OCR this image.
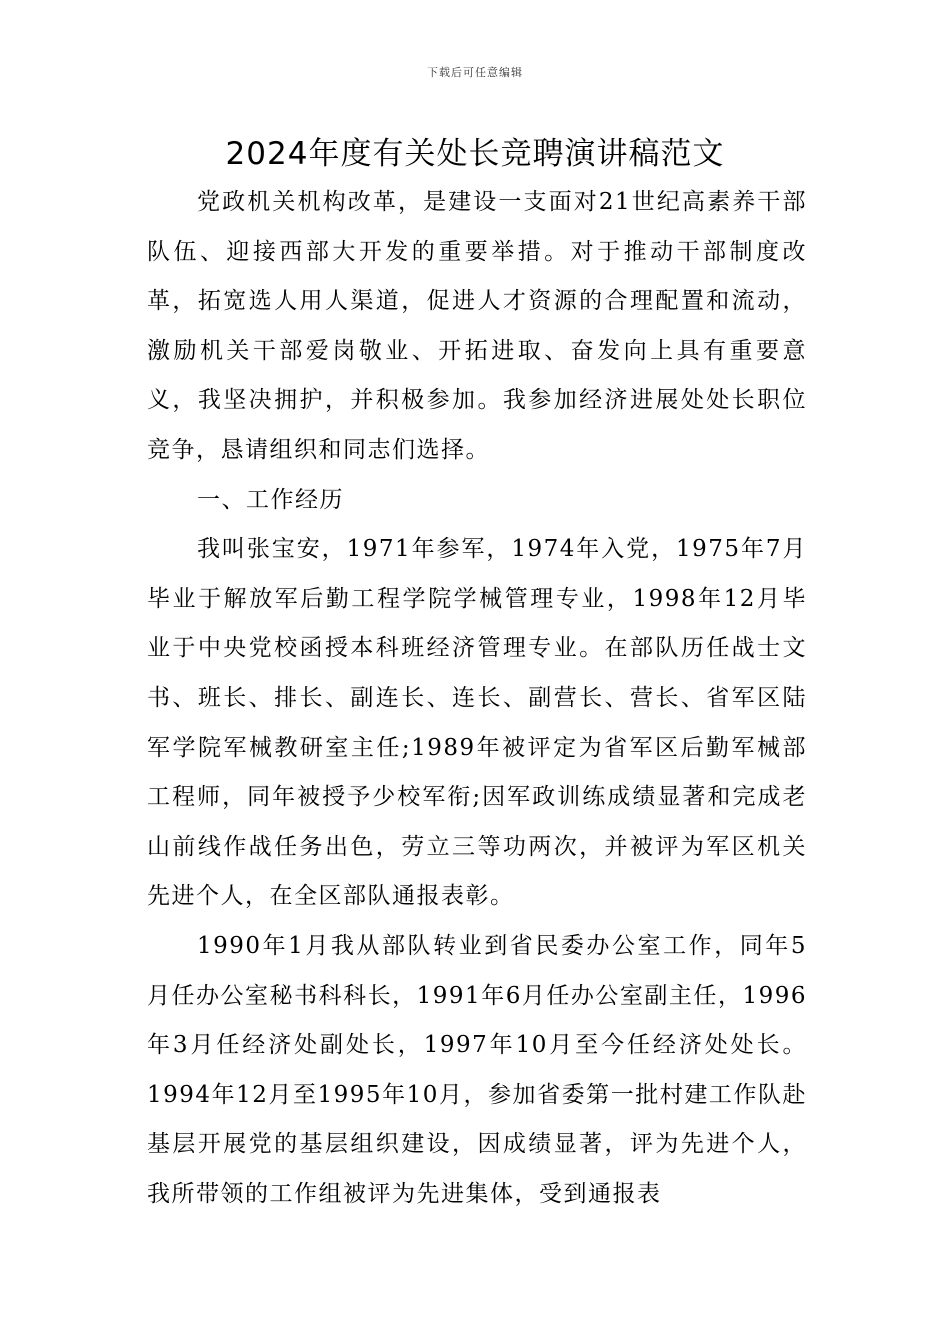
下载后可任意编辑
2024年度有关处长竞聘演讲稿范文

党政机关机构改革，是建设一支面对21世纪高素养干部队伍、迎接西部大开发的重要举措。对于推动干部制度改革，拓宽选人用人渠道，促进人才资源的合理配置和流动，激励机关干部爱岗敬业、开拓进取、奋发向上具有重要意义，我坚决拥护，并积极参加。我参加经济进展处处长职位竞争，恳请组织和同志们选择。

一、工作经历

我叫张宝安，1971年参军，1974年入党，1975年7月毕业于解放军后勤工程学院学械管理专业，1998年12月毕业于中央党校函授本科班经济管理专业。在部队历任战士文书、班长、排长、副连长、连长、副营长、营长、省军区陆军学院军械教研室主任;1989年被评定为省军区后勤军械部工程师，同年被授予少校军衔;因军政训练成绩显著和完成老山前线作战任务出色，劳立三等功两次，并被评为军区机关先进个人，在全区部队通报表彰。

1990年1月我从部队转业到省民委办公室工作，同年5月任办公室秘书科科长，1991年6月任办公室副主任，1996年3月任经济处副处长，1997年10月至今任经济处处长。1994年12月至1995年10月，参加省委第一批村建工作队赴基层开展党的基层组织建设，因成绩显著，评为先进个人，我所带领的工作组被评为先进集体，受到通报表
